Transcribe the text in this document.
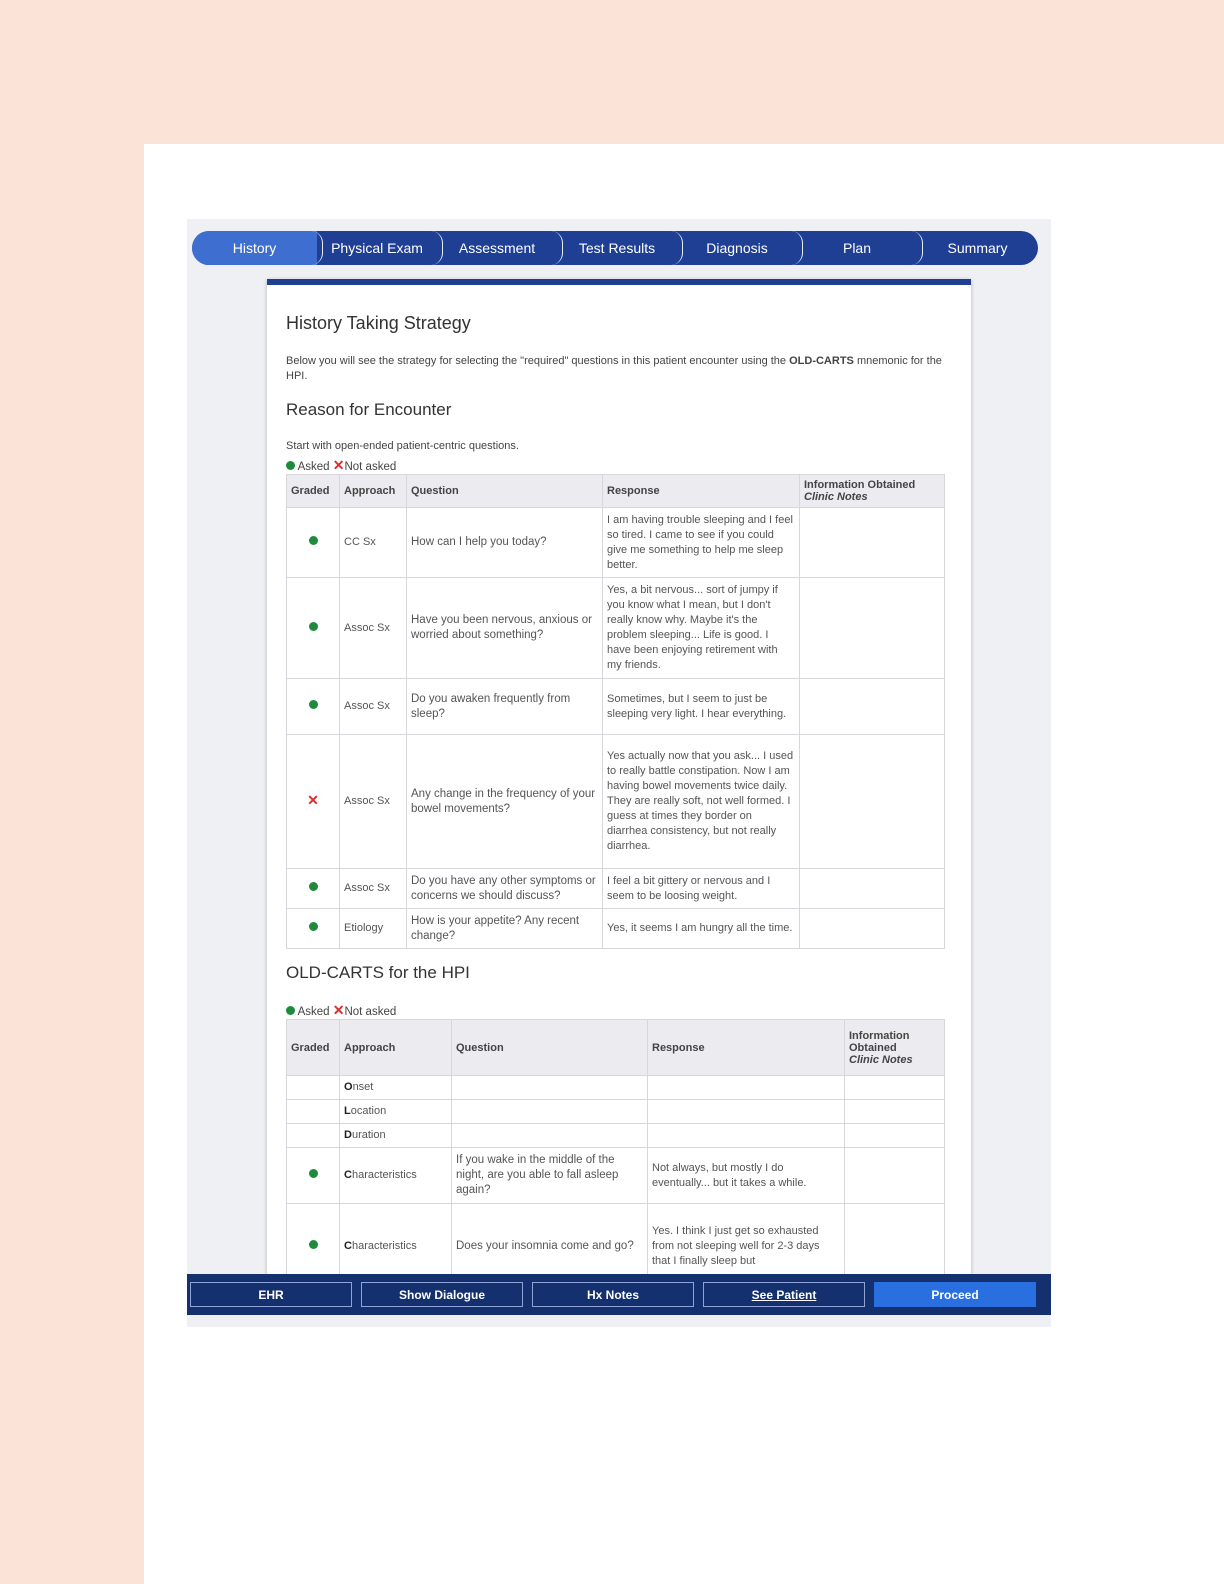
History	Physical Exam	Assessment	Test Results	Diagnosis	Plan	Summary
History Taking Strategy

Below you will see the strategy for selecting the "required" questions in this patient encounter using the OLD-CARTS mnemonic for the HPI.

Reason for Encounter

Start with open-ended patient-centric questions.

Asked ✕Not asked
Graded	Approach	Question	Response	Information Obtained
Clinic Notes
	CC Sx	How can I help you today?	I am having trouble sleeping and I feel so tired. I came to see if you could give me something to help me sleep better.	
	Assoc Sx	Have you been nervous, anxious or worried about something?	Yes, a bit nervous... sort of jumpy if you know what I mean, but I don't really know why. Maybe it's the problem sleeping... Life is good. I have been enjoying retirement with my friends.	
	Assoc Sx	Do you awaken frequently from sleep?	Sometimes, but I seem to just be sleeping very light. I hear everything.	
✕	Assoc Sx	Any change in the frequency of your bowel movements?	Yes actually now that you ask... I used to really battle constipation. Now I am having bowel movements twice daily. They are really soft, not well formed. I guess at times they border on diarrhea consistency, but not really diarrhea.	
	Assoc Sx	Do you have any other symptoms or concerns we should discuss?	I feel a bit gittery or nervous and I seem to be loosing weight.	
	Etiology	How is your appetite? Any recent change?	Yes, it seems I am hungry all the time.	
OLD-CARTS for the HPI
Asked ✕Not asked
Graded	Approach	Question	Response	Information Obtained
Clinic Notes
	Onset			
	Location			
	Duration			
	Characteristics	If you wake in the middle of the night, are you able to fall asleep again?	Not always, but mostly I do eventually... but it takes a while.	
	Characteristics	Does your insomnia come and go?	Yes. I think I just get so exhausted from not sleeping well for 2-3 days that I finally sleep but	
EHR	Show Dialogue	Hx Notes	See Patient	Proceed
